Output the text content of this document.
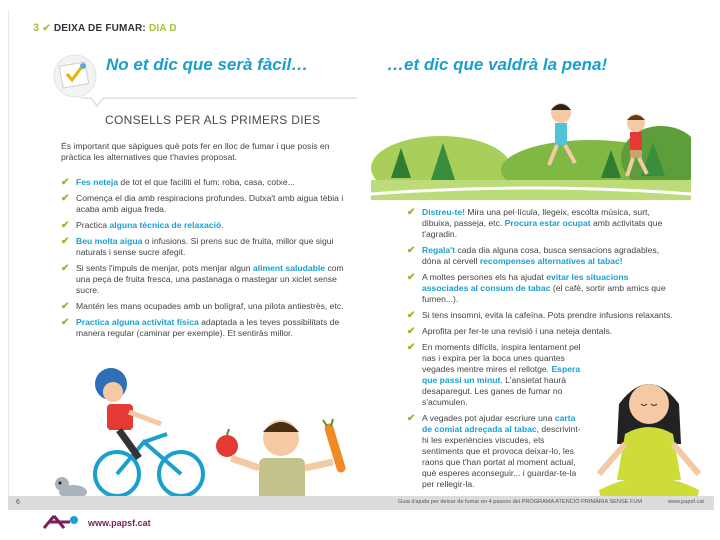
3 ✔ DEIXA DE FUMAR: DIA D
No et dic que serà fàcil…	…et dic que valdrà la pena!
CONSELLS PER ALS PRIMERS DIES
És important que sàpigues què pots fer en lloc de fumar i que posis en pràctica les alternatives que t'havies proposat.
✔ Fes neteja de tot el que faciliti el fum: roba, casa, cotxe...
✔ Comença el dia amb respiracions profundes. Dutxa't amb aigua tèbia i acaba amb aigua freda.
✔ Practica alguna tècnica de relaxació.
✔ Beu molta aigua o infusions. Si prens suc de fruita, millor que sigui naturals i sense sucre afegit.
✔ Si sents l'impuls de menjar, pots menjar algun aliment saludable com una peça de fruita fresca, una pastanaga o mastegar un xiclet sense sucre.
✔ Mantén les mans ocupades amb un bolígraf, una pilota antiestrès, etc.
✔ Practica alguna activitat física adaptada a les teves possibilitats de manera regular (caminar per exemple). Et sentiràs millor.
✔ Distreu-te! Mira una pel·lícula, llegeix, escolta música, surt, dibuixa, passeja, etc. Procura estar ocupat amb activitats que t'agradin.
✔ Regala't cada dia alguna cosa, busca sensacions agradables, dóna al cervell recompenses alternatives al tabac!
✔ A moltes persones els ha ajudat evitar les situacions associades al consum de tabac (el cafè, sortir amb amics que fumen...).
✔ Si tens insomni, evita la cafeïna. Pots prendre infusions relaxants.
✔ Aprofita per fer-te una revisió i una neteja dentals.
✔ En moments difícils, inspira lentament pel nas i expira per la boca unes quantes vegades mentre mires el rellotge. Espera que passi un minut. L'ansietat haurà desaparegut. Les ganes de fumar no s'acumulen.
✔ A vegades pot ajudar escriure una carta de comiat adreçada al tabac, descrivint-hi les experiències viscudes, els sentiments que et provoca deixar-lo, les raons que t'han portat al moment actual, què esperes aconseguir... i guardar-te-la per rellegir-la.
6	Guia d'ajuda per deixar de fumar en 4 passos del PROGRAMA ATENCIÓ PRIMÀRIA SENSE FUM	www.papsf.cat
www.papsf.cat
